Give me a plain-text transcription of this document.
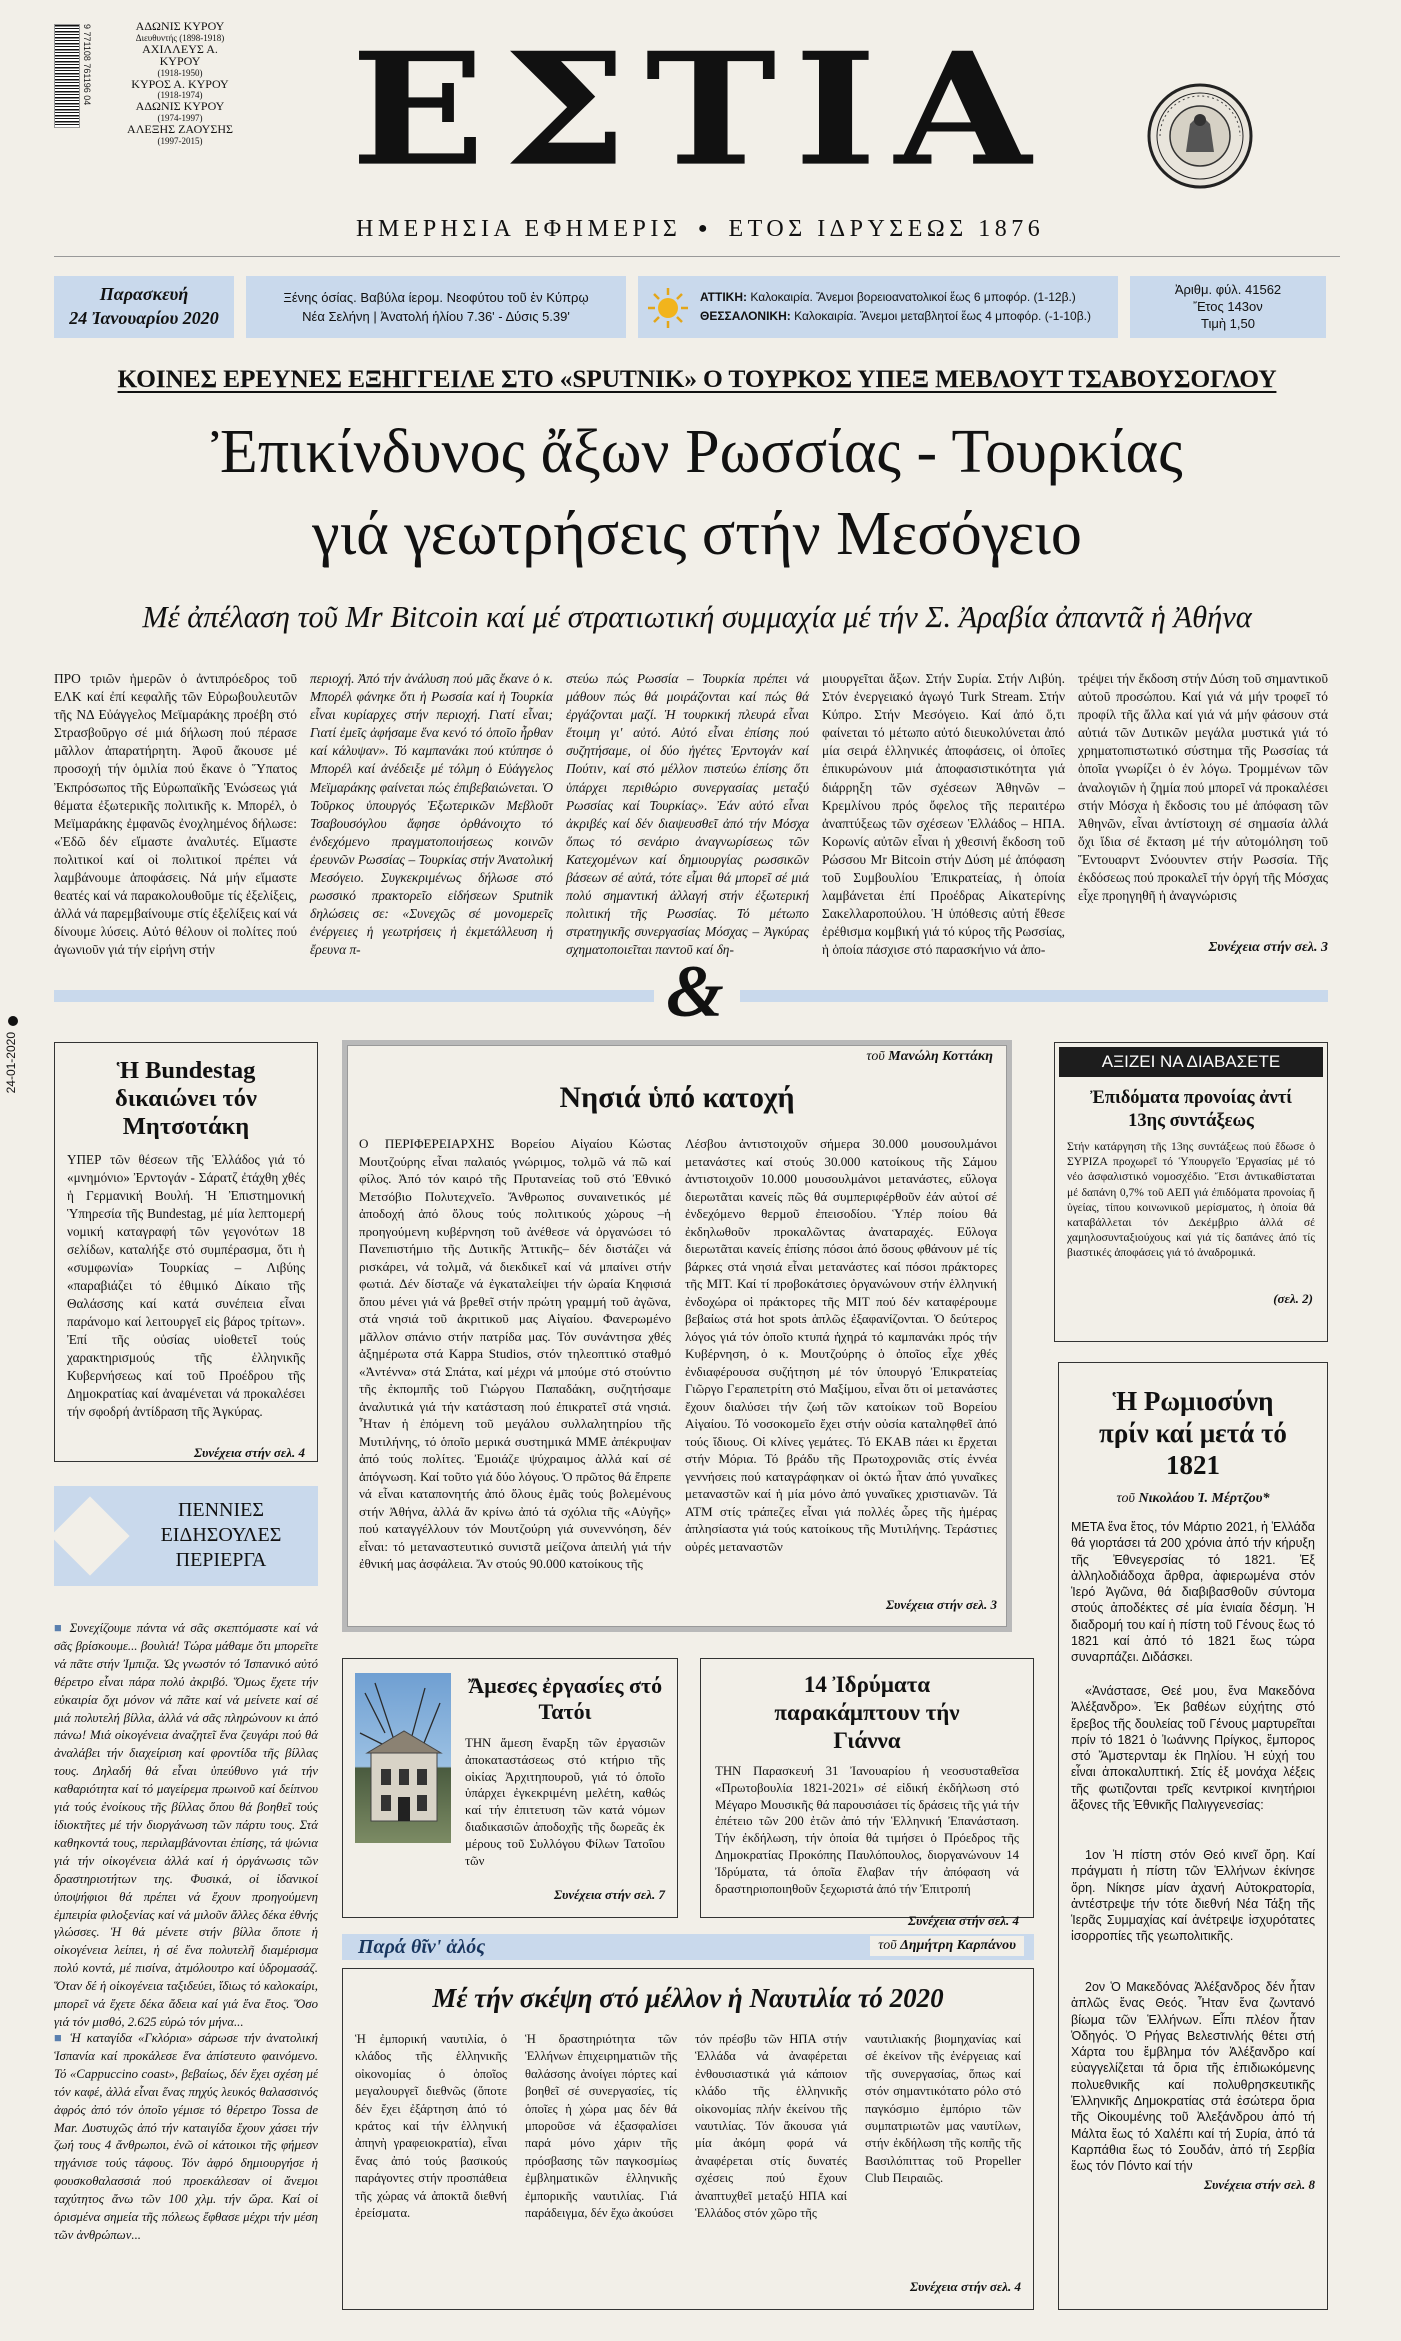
9 771108 761196 04	ΑΔΩΝΙΣ ΚΥΡΟΥ
Διευθυντής (1898-1918)
ΑΧΙΛΛΕΥΣ Α. ΚΥΡΟΥ
(1918-1950)
ΚΥΡΟΣ Α. ΚΥΡΟΥ
(1918-1974)
ΑΔΩΝΙΣ ΚΥΡΟΥ
(1974-1997)
ΑΛΕΞΗΣ ΖΑΟΥΣΗΣ
(1997-2015) ΕΣΤΙΑ
ΗΜΕΡΗΣΙΑ ΕΦΗΜΕΡΙΣ ● ΕΤΟΣ ΙΔΡΥΣΕΩΣ 1876
Παρασκευή
24 Ἰανουαρίου 2020
Ξένης όσίας. Βαβύλα ίερομ. Νεοφύτου τοῦ ἐν Κύπρῳ
Νέα Σελήνη | Ἀνατολή ἡλίου 7.36' - Δύσις 5.39'
ΑΤΤΙΚΗ: Καλοκαιρία. Ἄνεμοι βορειοανατολικοί ἕως 6 μποφόρ. (1-12β.)
ΘΕΣΣΑΛΟΝΙΚΗ: Καλοκαιρία. Ἄνεμοι μεταβλητοί ἕως 4 μποφόρ. (-1-10β.)
Ἀριθμ. φύλ. 41562
Ἔτος 143ον
Τιμὴ 1,50
ΚΟΙΝΕΣ ΕΡΕΥΝΕΣ ΕΞΗΓΓΕΙΛΕ ΣΤΟ «SPUTNIK» Ο ΤΟΥΡΚΟΣ ΥΠΕΞ ΜΕΒΛΟΥΤ ΤΣΑΒΟΥΣΟΓΛΟΥ
Ἐπικίνδυνος ἄξων Ρωσσίας - Τουρκίας
γιά γεωτρήσεις στήν Μεσόγειο
Μέ ἀπέλαση τοῦ Mr Bitcoin καί μέ στρατιωτική συμμαχία μέ τήν Σ. Ἀραβία ἀπαντᾶ ἡ Ἀθήνα
ΠΡΟ τριῶν ἡμερῶν ὁ ἀντιπρόεδρος τοῦ ΕΛΚ καί ἐπί κεφαλῆς τῶν Εὐρωβουλευτῶν τῆς ΝΔ Εὐάγγελος Μεϊμαράκης προέβη στό Στρασβοῦργο σέ μιά δήλωση πού πέρασε μᾶλλον ἀπαρατήρητη. Ἀφοῦ ἄκουσε μέ προσοχή τήν ὁμιλία πού ἔκανε ὁ Ὕπατος Ἐκπρόσωπος τῆς Εὐρωπαϊκῆς Ἑνώσεως γιά θέματα ἐξωτερικῆς πολιτικῆς κ. Μπορέλ, ὁ Μεϊμαράκης ἐμφανῶς ἐνοχλημένος δήλωσε: «Ἐδῶ δέν εἴμαστε ἀναλυτές. Εἴμαστε πολιτικοί καί οἱ πολιτικοί πρέπει νά λαμβάνουμε ἀποφάσεις. Νά μήν εἴμαστε θεατές καί νά παρακολουθοῦμε τίς ἐξελίξεις, ἀλλά νά παρεμβαίνουμε στίς ἐξελίξεις καί νά δίνουμε λύσεις. Αὐτό θέλουν οἱ πολίτες πού ἀγωνιοῦν γιά τήν εἰρήνη στήν
περιοχή. Ἀπό τήν ἀνάλυση πού μᾶς ἔκανε ὁ κ. Μπορέλ φάνηκε ὅτι ἡ Ρωσσία καί ἡ Τουρκία εἶναι κυρίαρχες στήν περιοχή. Γιατί εἶναι; Γιατί ἐμεῖς ἀφήσαμε ἕνα κενό τό ὁποῖο ἦρθαν καί κάλυψαν». Τό καμπανάκι πού κτύπησε ὁ Μπορέλ καί ἀνέδειξε μέ τόλμη ὁ Εὐάγγελος Μεϊμαράκης φαίνεται πώς ἐπιβεβαιώνεται. Ὁ Τοῦρκος ὑπουργός Ἐξωτερικῶν Μεβλοῦτ Τσαβουσόγλου ἄφησε ὀρθάνοιχτο τό ἐνδεχόμενο πραγματοποιήσεως κοινῶν ἐρευνῶν Ρωσσίας – Τουρκίας στήν Ἀνατολική Μεσόγειο. Συγκεκριμένως δήλωσε στό ρωσσικό πρακτορεῖο εἰδήσεων Sputnik δηλώσεις σε: «Συνεχῶς σέ μονομερεῖς ἐνέργειες ἡ γεωτρήσεις ἡ ἐκμετάλλευση ἡ ἔρευνα π-
στεύω πώς Ρωσσία – Τουρκία πρέπει νά μάθουν πώς θά μοιράζονται καί πώς θά ἐργάζονται μαζί. Ἡ τουρκική πλευρά εἶναι ἕτοιμη γι' αὐτό. Αὐτό εἶναι ἐπίσης πού συζητήσαμε, οἱ δύο ἡγέτες Ἐρντογάν καί Πούτιν, καί στό μέλλον πιστεύω ἐπίσης ὅτι ὑπάρχει περιθώριο συνεργασίας μεταξύ Ρωσσίας καί Τουρκίας». Ἐάν αὐτό εἶναι ἀκριβές καί δέν διαψευσθεῖ ἀπό τήν Μόσχα ὅπως τό σενάριο ἀναγνωρίσεως τῶν Κατεχομένων καί δημιουργίας ρωσσικῶν βάσεων σέ αὐτά, τότε εἶμαι θά μπορεῖ σέ μιά πολύ σημαντική ἀλλαγή στήν ἐξωτερική πολιτική τῆς Ρωσσίας. Τό μέτωπο στρατηγικῆς συνεργασίας Μόσχας – Ἀγκύρας σχηματοποιεῖται παντοῦ καί δη-
μιουργεῖται ἄξων. Στήν Συρία. Στήν Λιβύη. Στόν ἐνεργειακό ἀγωγό Turk Stream. Στήν Κύπρο. Στήν Μεσόγειο. Καί ἀπό ὅ,τι φαίνεται τό μέτωπο αὐτό διευκολύνεται ἀπό μία σειρά ἑλληνικές ἀποφάσεις, οἱ ὁποῖες ἐπικυρώνουν μιά ἀποφασιστικότητα γιά διάρρηξη τῶν σχέσεων Ἀθηνῶν – Κρεμλίνου πρός ὄφελος τῆς περαιτέρω ἀναπτύξεως τῶν σχέσεων Ἑλλάδος – ΗΠΑ. Κορωνίς αὐτῶν εἶναι ἡ χθεσινή ἔκδοση τοῦ Ρώσσου Mr Bitcoin στήν Δύση μέ ἀπόφαση τοῦ Συμβουλίου Ἐπικρατείας, ἡ ὁποία λαμβάνεται ἐπί Προέδρας Αἰκατερίνης Σακελλαροπούλου. Ἡ ὑπόθεσις αὐτή ἔθεσε ἐρέθισμα κομβική γιά τό κύρος τῆς Ρωσσίας, ἡ ὁποία πάσχισε στό παρασκήνιο νά ἀπο-
τρέψει τήν ἔκδοση στήν Δύση τοῦ σημαντικοῦ αὐτοῦ προσώπου. Καί γιά νά μήν τροφεῖ τό προφίλ τῆς ἄλλα καί γιά νά μήν φάσουν στά αὐτιά τῶν Δυτικῶν μεγάλα μυστικά γιά τό χρηματοπιστωτικό σύστημα τῆς Ρωσσίας τά ὁποῖα γνωρίζει ὁ ἐν λόγω. Τρομμένων τῶν ἀναλογιῶν ἡ ζημία πού μπορεῖ νά προκαλέσει στήν Μόσχα ἡ ἔκδοσις του μέ ἀπόφαση τῶν Ἀθηνῶν, εἶναι ἀντίστοιχη σέ σημασία ἀλλά ὄχι ἴδια σέ ἔκταση μέ τήν αὐτομόληση τοῦ Ἔντουαρντ Σνόουντεν στήν Ρωσσία. Τῆς ἐκδόσεως πού προκαλεῖ τήν ὀργή τῆς Μόσχας εἶχε προηγηθῆ ἡ ἀναγνώρισις
Συνέχεια στήν σελ. 3
&
24-01-2020	Ἡ Bundestag δικαιώνει τόν Μητσοτάκη
ΥΠΕΡ τῶν θέσεων τῆς Ἑλλάδος γιά τό «μνημόνιο» Ἐρντογάν - Σάρατζ ἐτάχθη χθές ἡ Γερμανική Βουλή. Ἡ Ἐπιστημονική Ὑπηρεσία τῆς Bundestag, μέ μία λεπτομερή νομική καταγραφή τῶν γεγονότων 18 σελίδων, καταλήξε στό συμπέρασμα, ὅτι ἡ «συμφωνία» Τουρκίας – Λιβύης «παραβιάζει τό ἐθιμικό Δίκαιο τῆς Θαλάσσης καί κατά συνέπεια εἶναι παράνομο καί λειτουργεῖ εἰς βάρος τρίτων». Ἐπί τῆς οὐσίας υἱοθετεῖ τούς χαρακτηρισμούς τῆς ἑλληνικῆς Κυβερνήσεως καί τοῦ Προέδρου τῆς Δημοκρατίας καί ἀναμένεται νά προκαλέσει τήν σφοδρή ἀντίδραση τῆς Ἀγκύρας.
Συνέχεια στήν σελ. 4
ΠΕΝΝΙΕΣ
ΕΙΔΗΣΟΥΛΕΣ
ΠΕΡΙΕΡΓΑ
■ Συνεχίζουμε πάντα νά σᾶς σκεπτόμαστε καί νά σᾶς βρίσκουμε... βουλιά! Τώρα μάθαμε ὅτι μπορεῖτε νά πᾶτε στήν Ἰμπιζα. Ὡς γνωστόν τό Ἰσπανικό αὐτό θέρετρο εἶναι πάρα πολύ ἀκριβό. Ὅμως ἔχετε τήν εὐκαιρία ὄχι μόνον νά πᾶτε καί νά μείνετε καί σέ μιά πολυτελή βίλλα, ἀλλά νά σᾶς πληρώνουν κι ἀπό πάνω! Μιά οἰκογένεια ἀναζητεῖ ἕνα ζευγάρι πού θά ἀναλάβει τήν διαχείριση καί φροντίδα τῆς βίλλας τους. Δηλαδή θά εἶναι ὑπεύθυνο γιά τήν καθαριότητα καί τό μαγείρεμα πρωινοῦ καί δείπνου γιά τούς ἐνοίκους τῆς βίλλας ὅπου θά βοηθεῖ τούς ἰδιοκτῆτες μέ τήν διοργάνωση τῶν πάρτυ τους. Στά καθηκοντά τους, περιλαμβάνονται ἐπίσης, τά ψώνια γιά τήν οἰκογένεια ἀλλά καί ἡ ὀργάνωσις τῶν δραστηριοτήτων της. Φυσικά, οἱ ἰδανικοί ὑποψήφιοι θά πρέπει νά ἔχουν προηγούμενη ἐμπειρία φιλοξενίας καί νά μιλοῦν ἄλλες δέκα ἐθνής γλώσσες. Ἡ θά μένετε στήν βίλλα ὅποτε ἡ οἰκογένεια λείπει, ἡ σέ ἕνα πολυτελῆ διαμέρισμα πολύ κοντά, μέ πισίνα, ἀτμόλουτρο καί ὑδρομασάζ. Ὅταν δέ ἡ οἰκογένεια ταξιδεύει, ἴδιως τό καλοκαίρι, μπορεῖ νά ἔχετε δέκα ἄδεια καί γιά ἕνα ἔτος. Ὅσο γιά τόν μισθό, 2.625 εὐρώ τόν μήνα...
■ Ἡ καταγίδα «Γκλόρια» σάρωσε τήν ἀνατολική Ἱσπανία καί προκάλεσε ἕνα ἀπίστευτο φαινόμενο. Τό «Cappuccino coast», βεβαίως, δέν ἔχει σχέση μέ τόν καφέ, ἀλλά εἶναι ἕνας πηχύς λευκός θαλασσινός ἀφρός ἀπό τόν ὁποῖο γέμισε τό θέρετρο Tossa de Mar. Δυστυχῶς ἀπό τήν καταιγίδα ἔχουν χάσει τήν ζωή τους 4 ἄνθρωποι, ἐνῶ οἱ κάτοικοι τῆς φήμεσν τηγάνισε τούς τάφους. Τόν ἀφρό δημιουργήσε ἡ φουσκοθαλασσιά πού προεκάλεσαν οἱ ἄνεμοι ταχύτητος ἄνω τῶν 100 χλμ. τήν ὥρα. Καί οἱ ὁρισμένα σημεία τῆς πόλεως ἔφθασε μέχρι τήν μέση τῶν ἀνθρώπων...
τοῦ Μανώλη Κοττάκη
Νησιά ὑπό κατοχή
Ο ΠΕΡΙΦΕΡΕΙΑΡΧΗΣ Βορείου Αἰγαίου Κώστας Μουτζούρης εἶναι παλαιός γνώριμος, τολμῶ νά πῶ καί φίλος. Ἀπό τόν καιρό τῆς Πρυτανείας τοῦ στό Ἐθνικό Μετσόβιο Πολυτεχνεῖο. Ἄνθρωπος συναινετικός μέ ἀποδοχή ἀπό ὅλους τούς πολιτικούς χώρους –ἡ προηγούμενη κυβέρνηση τοῦ ἀνέθεσε νά ὀργανώσει τό Πανεπιστήμιο τῆς Δυτικῆς Ἀττικῆς– δέν διστάζει νά ρισκάρει, νά τολμᾶ, νά διεκδικεῖ καί νά μπαίνει στήν φωτιά. Δέν δίσταζε νά ἐγκαταλείψει τήν ὡραία Κηφισιά ὅπου μένει γιά νά βρεθεῖ στήν πρώτη γραμμή τοῦ ἀγῶνα, στά νησιά τοῦ ἀκριτικοῦ μας Αἰγαίου. Φανερωμένο μᾶλλον σπάνιο στήν πατρίδα μας. Τόν συνάντησα χθές ἀξημέρωτα στά Kappa Studios, στόν τηλεοπτικό σταθμό «Ἀντέννα» στά Σπάτα, καί μέχρι νά μπούμε στό στούντιο τῆς ἐκπομπῆς τοῦ Γιώργου Παπαδάκη, συζητήσαμε ἀναλυτικά γιά τήν κατάσταση πού ἐπικρατεῖ στά νησιά. Ἦταν ἡ ἐπόμενη τοῦ μεγάλου συλλαλητηρίου τῆς Μυτιλήνης, τό ὁποῖο μερικά συστημικά ΜΜΕ ἀπέκρυψαν ἀπό τούς πολίτες. Ἐμοιάζε ψύχραιμος ἀλλά καί σέ ἀπόγνωση. Καί τοῦτο γιά δύο λόγους. Ὁ πρῶτος θά ἔπρεπε νά εἶναι καταπονητής ἀπό ὅλους ἐμᾶς τούς βολεμένους στήν Ἀθήνα, ἀλλά ἄν κρίνω ἀπό τά σχόλια τῆς «Αὐγῆς» πού καταγγέλλουν τόν Μουτζούρη γιά συνεννόηση, δέν εἶναι: τό μεταναστευτικό συνιστᾶ μείζονα ἀπειλή γιά τήν ἐθνική μας ἀσφάλεια. Ἄν στούς 90.000 κατοίκους τῆς
Λέσβου ἀντιστοιχοῦν σήμερα 30.000 μουσουλμάνοι μετανάστες καί στούς 30.000 κατοίκους τῆς Σάμου ἀντιστοιχοῦν 10.000 μουσουλμάνοι μετανάστες, εὔλογα διερωτᾶται κανείς πῶς θά συμπεριφέρθοῦν ἐάν αὐτοί σέ ἐνδεχόμενο θερμοῦ ἐπεισοδίου. Ὑπέρ ποίου θά ἐκδηλωθοῦν προκαλῶντας ἀναταραχές. Εὔλογα διερωτᾶται κανείς ἐπίσης πόσοι ἀπό ὅσους φθάνουν μέ τίς βάρκες στά νησιά εἶναι μετανάστες καί πόσοι πράκτορες τῆς ΜΙΤ. Καί τί προβοκάτσιες ὀργανώνουν στήν ἑλληνική ἐνδοχώρα οἱ πράκτορες τῆς ΜΙΤ πού δέν καταφέρουμε βεβαίως στά hot spots ἁπλῶς ἐξαφανίζονται. Ὁ δεύτερος λόγος γιά τόν ὁποῖο κτυπά ἡχηρά τό καμπανάκι πρός τήν Κυβέρνηση, ὁ κ. Μουτζούρης ὁ ὁποῖος εἶχε χθές ἐνδιαφέρουσα συζήτηση μέ τόν ὑπουργό Ἐπικρατείας Γιῶργο Γεραπετρίτη στό Μαξίμου, εἶναι ὅτι οἱ μετανάστες ἔχουν διαλύσει τήν ζωή τῶν κατοίκων τοῦ Βορείου Αἰγαίου. Τό νοσοκομεῖο ἔχει στήν οὐσία καταληφθεῖ ἀπό τούς ἴδιους. Οἱ κλίνες γεμάτες. Τό ΕΚΑΒ πάει κι ἔρχεται στήν Μόρια. Τό βράδυ τῆς Πρωτοχρονιᾶς στίς ἐννέα γεννήσεις πού καταγράφηκαν οἱ ὀκτώ ἦταν ἀπό γυναῖκες μεταναστῶν καί ἡ μία μόνο ἀπό γυναῖκες χριστιανῶν. Τά ΑΤΜ στίς τράπεζες εἶναι γιά πολλές ὧρες τῆς ἡμέρας ἀπλησίαστα γιά τούς κατοίκους τῆς Μυτιλήνης. Τεράστιες οὐρές μεταναστῶν
Συνέχεια στήν σελ. 3
ΑΞΙΖΕΙ ΝΑ ΔΙΑΒΑΣΕΤΕ
Ἐπιδόματα προνοίας ἀντί 13ης συντάξεως
Στήν κατάργηση τῆς 13ης συντάξεως πού ἔδωσε ὁ ΣΥΡΙΖΑ προχωρεῖ τό Ὑπουργεῖο Ἐργασίας μέ τό νέο ἀσφαλιστικό νομοσχέδιο. Ἔτσι ἀντικαθίσταται μέ δαπάνη 0,7% τοῦ ΑΕΠ γιά ἐπιδόματα προνοίας ἤ ὑγείας, τίπου κοινωνικοῦ μερίσματος, ἡ ὁποία θά καταβάλλεται τόν Δεκέμβριο ἀλλά σέ χαμηλοσυνταξιούχους καί γιά τίς δαπάνες ἀπό τίς βιαστικές ἀποφάσεις γιά τό ἀναδρομικά.
(σελ. 2)
Ἡ Ρωμιοσύνη πρίν καί μετά τό 1821
τοῦ Νικολάου Ἰ. Μέρτζου*
ΜΕΤΑ ἕνα ἔτος, τόν Μάρτιο 2021, ἡ Ἑλλάδα θά γιορτάσει τά 200 χρόνια ἀπό τήν κήρυξη τῆς Ἐθνεγερσίας τό 1821. Ἐξ ἀλληλοδιάδοχα ἄρθρα, ἀφιερωμένα στόν Ἱερό Ἀγῶνα, θά διαβιβασθοῦν σύντομα στούς ἀποδέκτες σέ μία ἑνιαία δέσμη. Ἡ διαδρομή του καί ἡ πίστη τοῦ Γένους ἕως τό 1821 καί ἀπό τό 1821 ἕως τώρα συναρπάζει. Διδάσκει.
«Ἀνάστασε, Θεέ μου, ἕνα Μακεδόνα Ἀλέξανδρο». Ἐκ βαθέων εὐχήτης στό ἔρεβος τῆς δουλείας τοῦ Γένους μαρτυρεῖται πρίν τό 1821 ὁ Ἰωάννης Πρίγκος, ἔμπορος στό Ἄμστερνταμ ἐκ Πηλίου. Ἡ εὐχή του εἶναι ἀποκαλυπτική. Στίς ἐξ μονάχα λέξεις τῆς φωτιζονται τρεῖς κεντρικοί κινητήριοι ἄξονες τῆς Ἐθνικῆς Παλιγγενεσίας:
1ον Ἡ πίστη στόν Θεό κινεῖ ὄρη. Καί πράγματι ἡ πίστη τῶν Ἑλλήνων ἐκίνησε ὄρη. Νίκησε μίαν ἀχανή Αὐτοκρατορία, ἀντέστρεψε τήν τότε διεθνή Νέα Τάξη τῆς Ἱερᾶς Συμμαχίας καί ἀνέτρεψε ἰσχυρότατες ἰσορροπίες τῆς γεωπολιτικῆς.
2ον Ὁ Μακεδόνας Ἀλέξανδρος δέν ἦταν ἁπλῶς ἕνας Θεός. Ἦταν ἕνα ζωντανό βίωμα τῶν Ἑλλήνων. Εἶπι πλέον ἦταν Ὁδηγός. Ὁ Ρήγας Βελεστινλής θέτει στή Χάρτα του ἔμβλημα τόν Ἀλέξανδρο καί εὐαγγελίζεται τά ὅρια τῆς ἐπιδιωκόμενης πολυεθνικῆς καί πολυθρησκευτικῆς Ἑλληνικῆς Δημοκρατίας στά ἐσώτερα ὅρια τῆς Οἰκουμένης τοῦ Ἀλεξάνδρου ἀπό τή Μάλτα ἕως τό Χαλέπι καί τή Συρία, ἀπό τά Καρπάθια ἕως τό Σουδάν, ἀπό τή Σερβία ἕως τόν Πόντο καί τήν
Συνέχεια στήν σελ. 8
Ἄμεσες ἐργασίες στό Τατόι
ΤΗΝ ἄμεση ἔναρξη τῶν ἐργασιῶν ἀποκαταστάσεως στό κτήριο τῆς οἰκίας Ἀρχιτηπουροῦ, γιά τό ὁποῖο ὑπάρχει ἐγκεκριμένη μελέτη, καθώς καί τήν ἐπιτετυση τῶν κατά νόμων διαδικασιῶν ἀποδοχῆς τῆς δωρεᾶς ἐκ μέρους τοῦ Συλλόγου Φίλων Τατοΐου τῶν
Συνέχεια στήν σελ. 7
14 Ἰδρύματα παρακάμπτουν τήν Γιάννα
ΤΗΝ Παρασκευή 31 Ἰανουαρίου ἡ νεοσυσταθεῖσα «Πρωτοβουλία 1821-2021» σέ εἰδική ἐκδήλωση στό Μέγαρο Μουσικῆς θά παρουσιάσει τίς δράσεις τῆς γιά τήν ἐπέτειο τῶν 200 ἐτῶν ἀπό τήν Ἑλληνική Ἐπανάσταση. Τήν ἐκδήλωση, τήν ὁποία θά τιμήσει ὁ Πρόεδρος τῆς Δημοκρατίας Προκόπης Παυλόπουλος, διοργανώνουν 14 Ἰδρύματα, τά ὁποῖα ἔλαβαν τήν ἀπόφαση νά δραστηριοποιηθοῦν ξεχωριστά ἀπό τήν Ἐπιτροπή
Συνέχεια στήν σελ. 4
Παρά θῖν' ἁλός	τοῦ Δημήτρη Καρπάνου
Μέ τήν σκέψη στό μέλλον ἡ Ναυτιλία τό 2020
Ἡ ἐμπορική ναυτιλία, ὁ κλάδος τῆς ἑλληνικῆς οἰκονομίας ὁ ὁποῖος μεγαλουργεῖ διεθνῶς (ὅποτε δέν ἔχει ἐξάρτηση ἀπό τό κράτος καί τήν ἑλληνική ἀπηνὴ γραφειοκρατία), εἶναι ἕνας ἀπό τούς βασικούς παράγοντες στήν προσπάθεια τῆς χώρας νά ἀποκτᾶ διεθνή ἐρείσματα.
Ἡ δραστηριότητα τῶν Ἑλλήνων ἐπιχειρηματιῶν τῆς θαλάσσης ἀνοίγει πόρτες καί βοηθεῖ σέ συνεργασίες, τίς ὁποῖες ἡ χώρα μας δέν θά μποροῦσε νά ἐξασφαλίσει παρά μόνο χάριν τῆς πρόσβασης τῶν παγκοσμίως ἐμβληματικῶν ἑλληνικῆς ἐμπορικῆς ναυτιλίας. Γιά παράδειγμα, δέν ἔχω ἀκούσει
τόν πρέσβυ τῶν ΗΠΑ στήν Ἑλλάδα νά ἀναφέρεται ἐνθουσιαστικά γιά κάποιον κλάδο τῆς ἑλληνικῆς οἰκονομίας πλήν ἐκείνου τῆς ναυτιλίας. Τόν ἄκουσα γιά μία ἀκόμη φορά νά ἀναφέρεται στίς δυνατές σχέσεις πού ἔχουν ἀναπτυχθεῖ μεταξύ ΗΠΑ καί Ἑλλάδος στόν χῶρο τῆς
ναυτιλιακής βιομηχανίας καί σέ ἐκείνον τῆς ἐνέργειας καί τῆς συνεργασίας, ὅπως καί στόν σημαντικότατο ρόλο στό παγκόσμιο ἐμπόριο τῶν συμπατριωτῶν μας ναυτίλων, στήν ἐκδήλωση τῆς κοπῆς τῆς Βασιλόπιττας τοῦ Propeller Club Πειραιῶς.
Συνέχεια στήν σελ. 4
